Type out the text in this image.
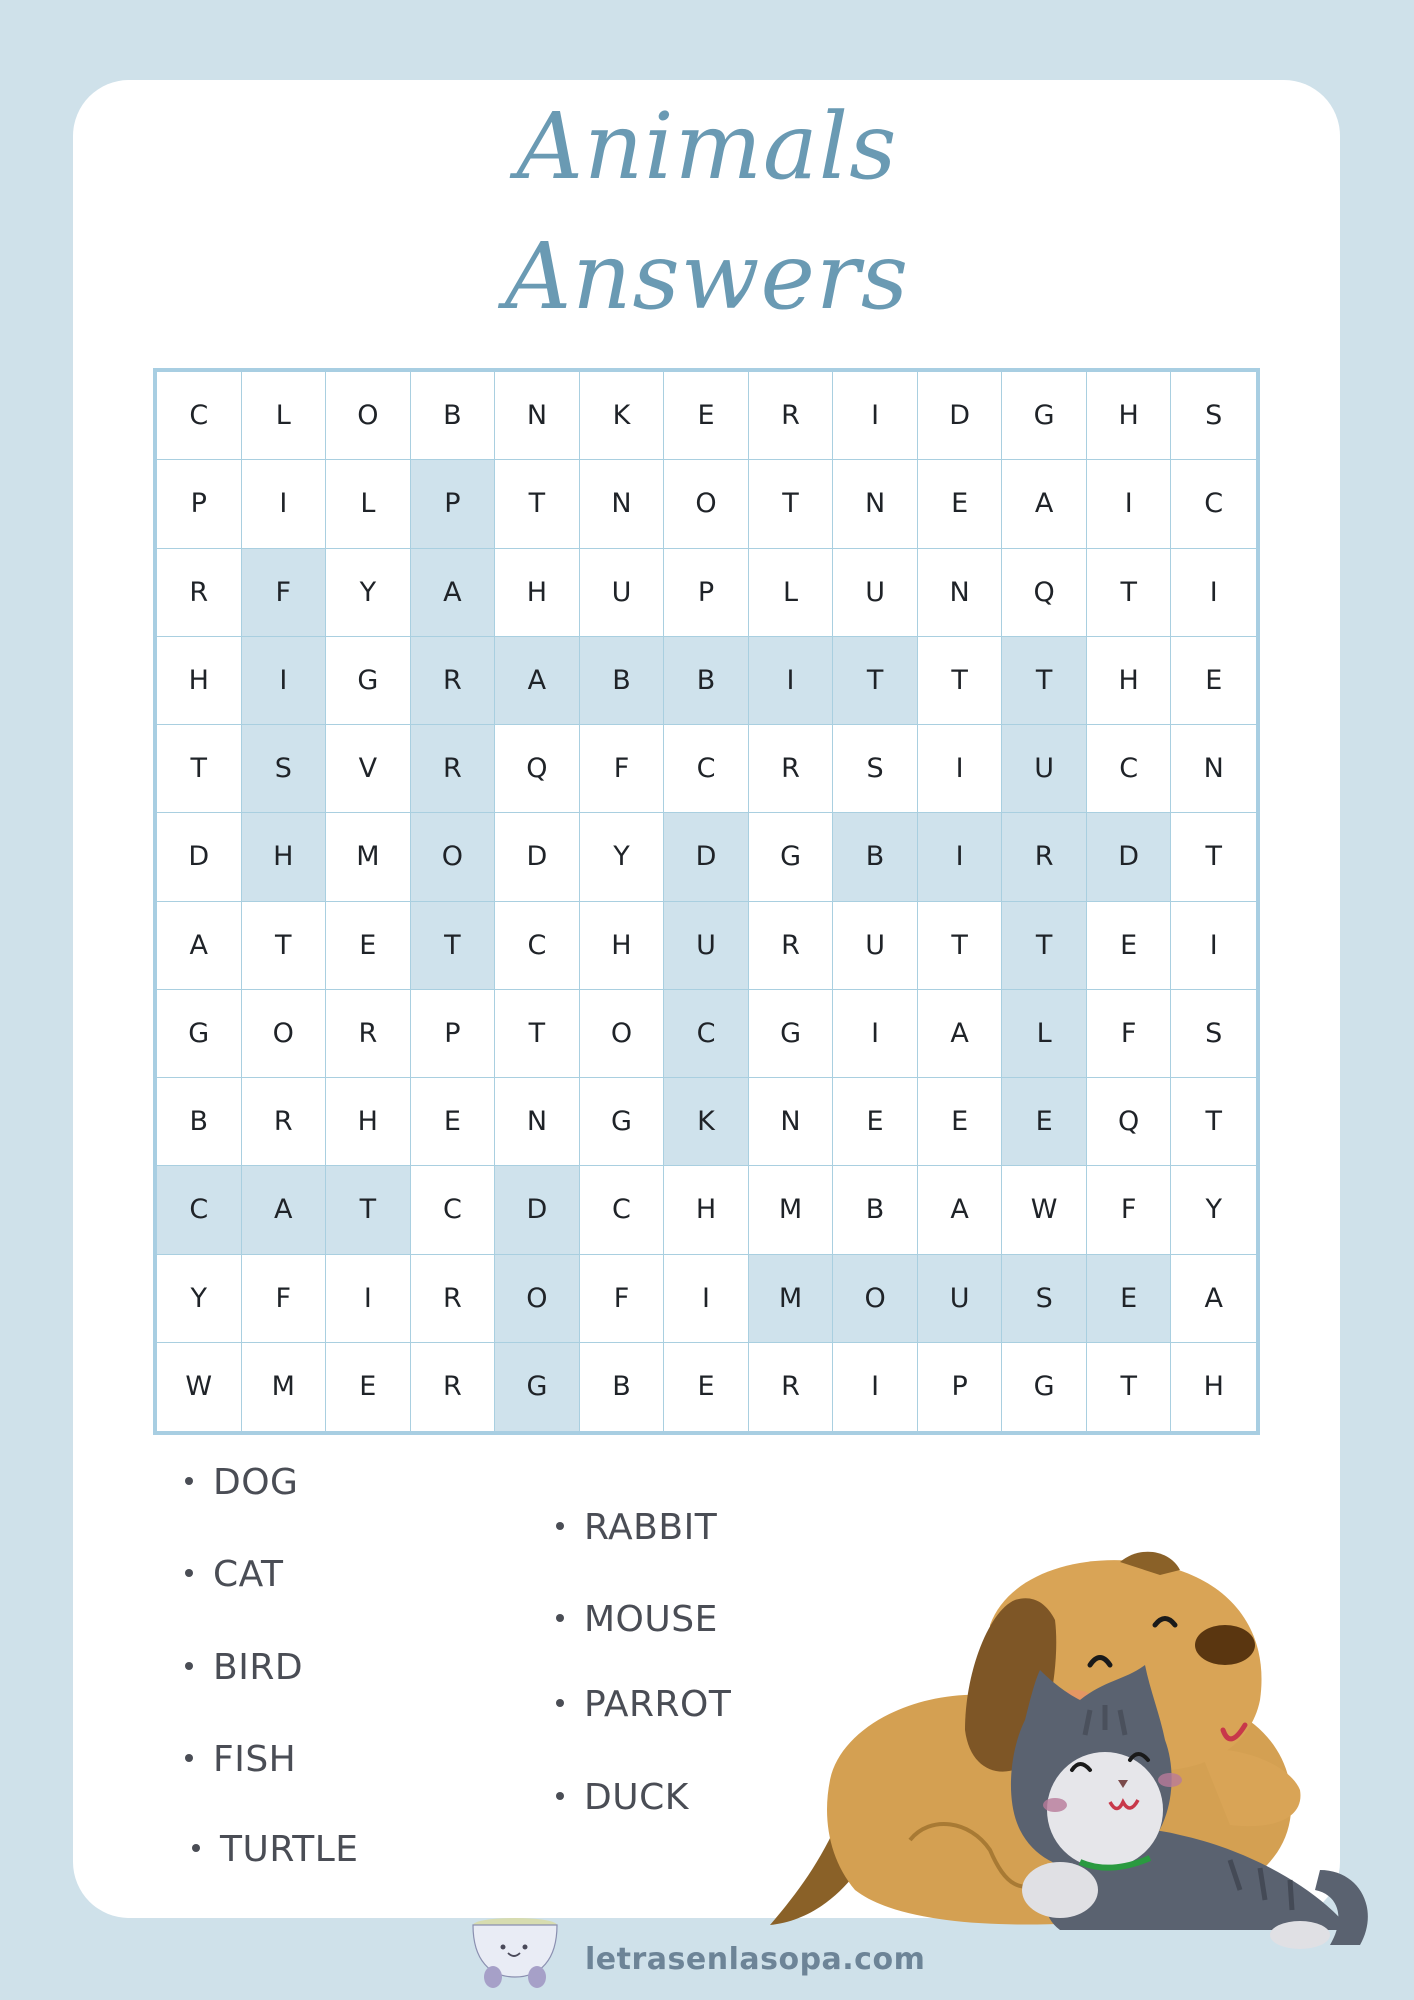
Animals
Answers
C	L	O	B	N	K	E	R	I	D	G	H	S
P	I	L	P	T	N	O	T	N	E	A	I	C
R	F	Y	A	H	U	P	L	U	N	Q	T	I
H	I	G	R	A	B	B	I	T	T	T	H	E
T	S	V	R	Q	F	C	R	S	I	U	C	N
D	H	M	O	D	Y	D	G	B	I	R	D	T
A	T	E	T	C	H	U	R	U	T	T	E	I
G	O	R	P	T	O	C	G	I	A	L	F	S
B	R	H	E	N	G	K	N	E	E	E	Q	T
C	A	T	C	D	C	H	M	B	A	W	F	Y
Y	F	I	R	O	F	I	M	O	U	S	E	A
W	M	E	R	G	B	E	R	I	P	G	T	H
DOG
CAT
BIRD
FISH
TURTLE
RABBIT
MOUSE
PARROT
DUCK
letrasenlasopa.com
